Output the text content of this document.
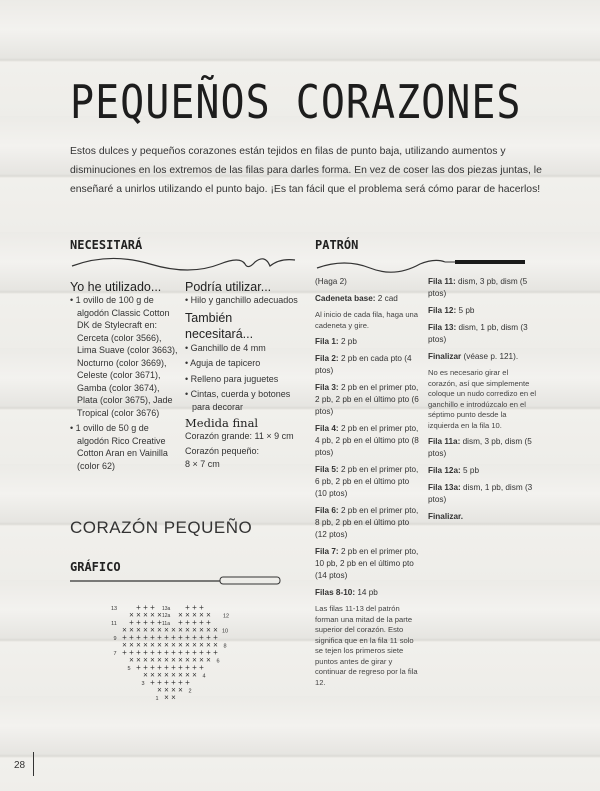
PEQUEÑOS CORAZONES

Estos dulces y pequeños corazones están tejidos en filas de punto baja, utilizando aumentos y disminuciones en los extremos de las filas para darles forma. En vez de coser las dos piezas juntas, le enseñaré a unirlos utilizando el punto bajo. ¡Es tan fácil que el problema será cómo parar de hacerlos!

NECESITARÁ
Yo he utilizado...
• 1 ovillo de 100 g de algodón Classic Cotton DK de Stylecraft en: Cerceta (color 3566), Lima Suave (color 3663), Nocturno (color 3669), Celeste (color 3671), Gamba (color 3674), Plata (color 3675), Jade Tropical (color 3676)
• 1 ovillo de 50 g de algodón Rico Creative Cotton Aran en Vainilla (color 62)
Podría utilizar...
• Hilo y ganchillo adecuados
También necesitará...
• Ganchillo de 4 mm
• Aguja de tapicero
• Relleno para juguetes
• Cintas, cuerda y botones para decorar
Medida final
Corazón grande: 11 × 9 cm
Corazón pequeño: 8 × 7 cm
CORAZÓN PEQUEÑO
GRÁFICO
× ×
1
× × × × 2
+ + + + + +
3
× × × × × × × × 4
+ + + + + + + + + +
5
× × × × × × × × × × × × 6
+ + + + + + + + + + + + + +
7
× × × × × × × × × × × × × × 8
+ + + + + + + + + + + + + +
9
× × × × × × × × × × × × × × 10
+	+
+	+
+	+
+	+
+	+
11
×	×
×	×
×	×
×	×
×	× 12
+	+
+	+
+	+
13
11a
12a
13a
PATRÓN
(Haga 2)
Cadeneta base: 2 cad
Al inicio de cada fila, haga una cadeneta y gire.
Fila 1: 2 pb
Fila 2: 2 pb en cada pto (4 ptos)
Fila 3: 2 pb en el primer pto, 2 pb, 2 pb en el último pto (6 ptos)
Fila 4: 2 pb en el primer pto, 4 pb, 2 pb en el último pto (8 ptos)
Fila 5: 2 pb en el primer pto, 6 pb, 2 pb en el último pto (10 ptos)
Fila 6: 2 pb en el primer pto, 8 pb, 2 pb en el último pto (12 ptos)
Fila 7: 2 pb en el primer pto, 10 pb, 2 pb en el último pto (14 ptos)
Filas 8-10: 14 pb
Las filas 11-13 del patrón forman una mitad de la parte superior del corazón. Esto significa que en la fila 11 solo se tejen los primeros siete puntos antes de girar y continuar de regreso por la fila 12.
Fila 11: dism, 3 pb, dism (5 ptos)
Fila 12: 5 pb
Fila 13: dism, 1 pb, dism (3 ptos)
Finalizar (véase p. 121).
No es necesario girar el corazón, así que simplemente coloque un nudo corredizo en el ganchillo e introdúzcalo en el séptimo punto desde la izquierda en la fila 10.
Fila 11a: dism, 3 pb, dism (5 ptos)
Fila 12a: 5 pb
Fila 13a: dism, 1 pb, dism (3 ptos)
Finalizar.
28
